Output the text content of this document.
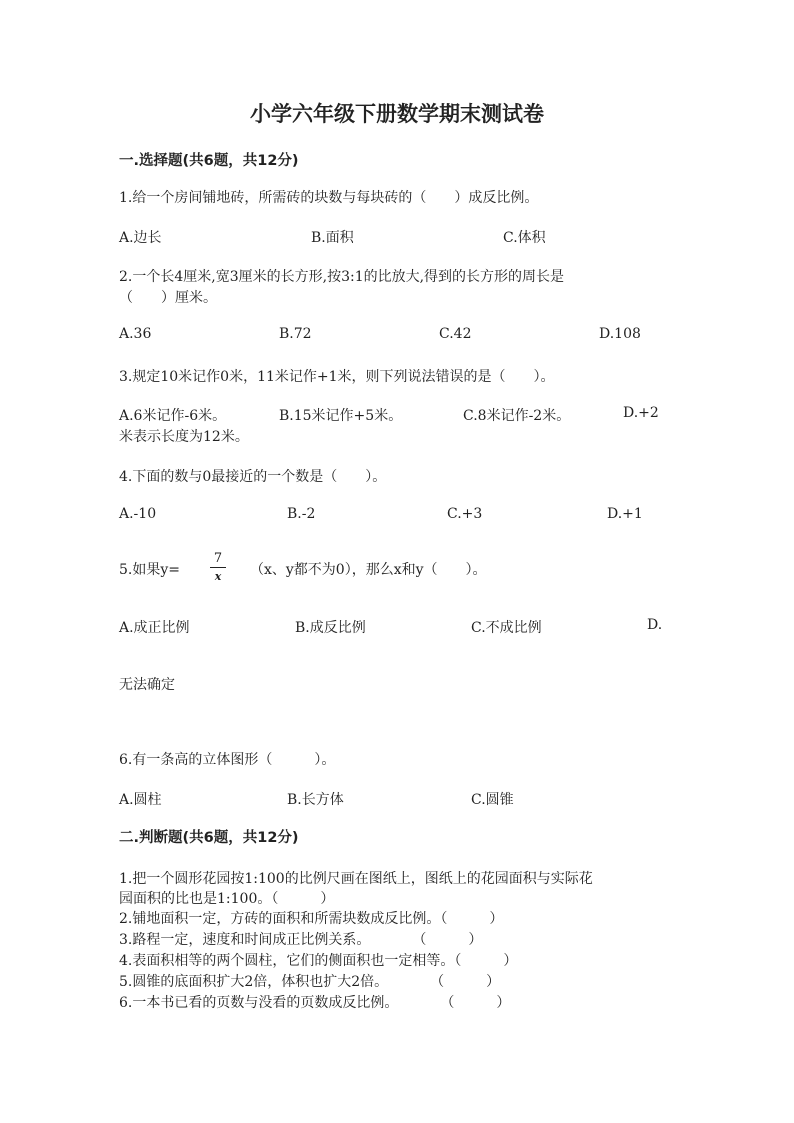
小学六年级下册数学期末测试卷
一.选择题(共6题，共12分)
1.给一个房间铺地砖，所需砖的块数与每块砖的（　　）成反比例。
A.边长	B.面积	C.体积
2.一个长4厘米,宽3厘米的长方形,按3:1的比放大,得到的长方形的周长是
（　　）厘米。
A.36	B.72	C.42	D.108
3.规定10米记作0米，11米记作+1米，则下列说法错误的是（　　）。
A.6米记作-6米。	B.15米记作+5米。	C.8米记作-2米。	D.+2
米表示长度为12米。
4.下面的数与0最接近的一个数是（　　）。
A.-10	B.-2	C.+3	D.+1
5.如果y=
7
x	（x、y都不为0），那么x和y（　　）。
A.成正比例	B.成反比例	C.不成比例	D.
无法确定
6.有一条高的立体图形（　　　）。
A.圆柱	B.长方体	C.圆锥
二.判断题(共6题，共12分)
1.把一个圆形花园按1:100的比例尺画在图纸上，图纸上的花园面积与实际花
园面积的比也是1:100。（　　　）
2.铺地面积一定，方砖的面积和所需块数成反比例。（　　　）
3.路程一定，速度和时间成正比例关系。　　　　（　　　）
4.表面积相等的两个圆柱，它们的侧面积也一定相等。（　　　）
5.圆锥的底面积扩大2倍，体积也扩大2倍。　　　　（　　　）
6.一本书已看的页数与没看的页数成反比例。　　　　（　　　）
